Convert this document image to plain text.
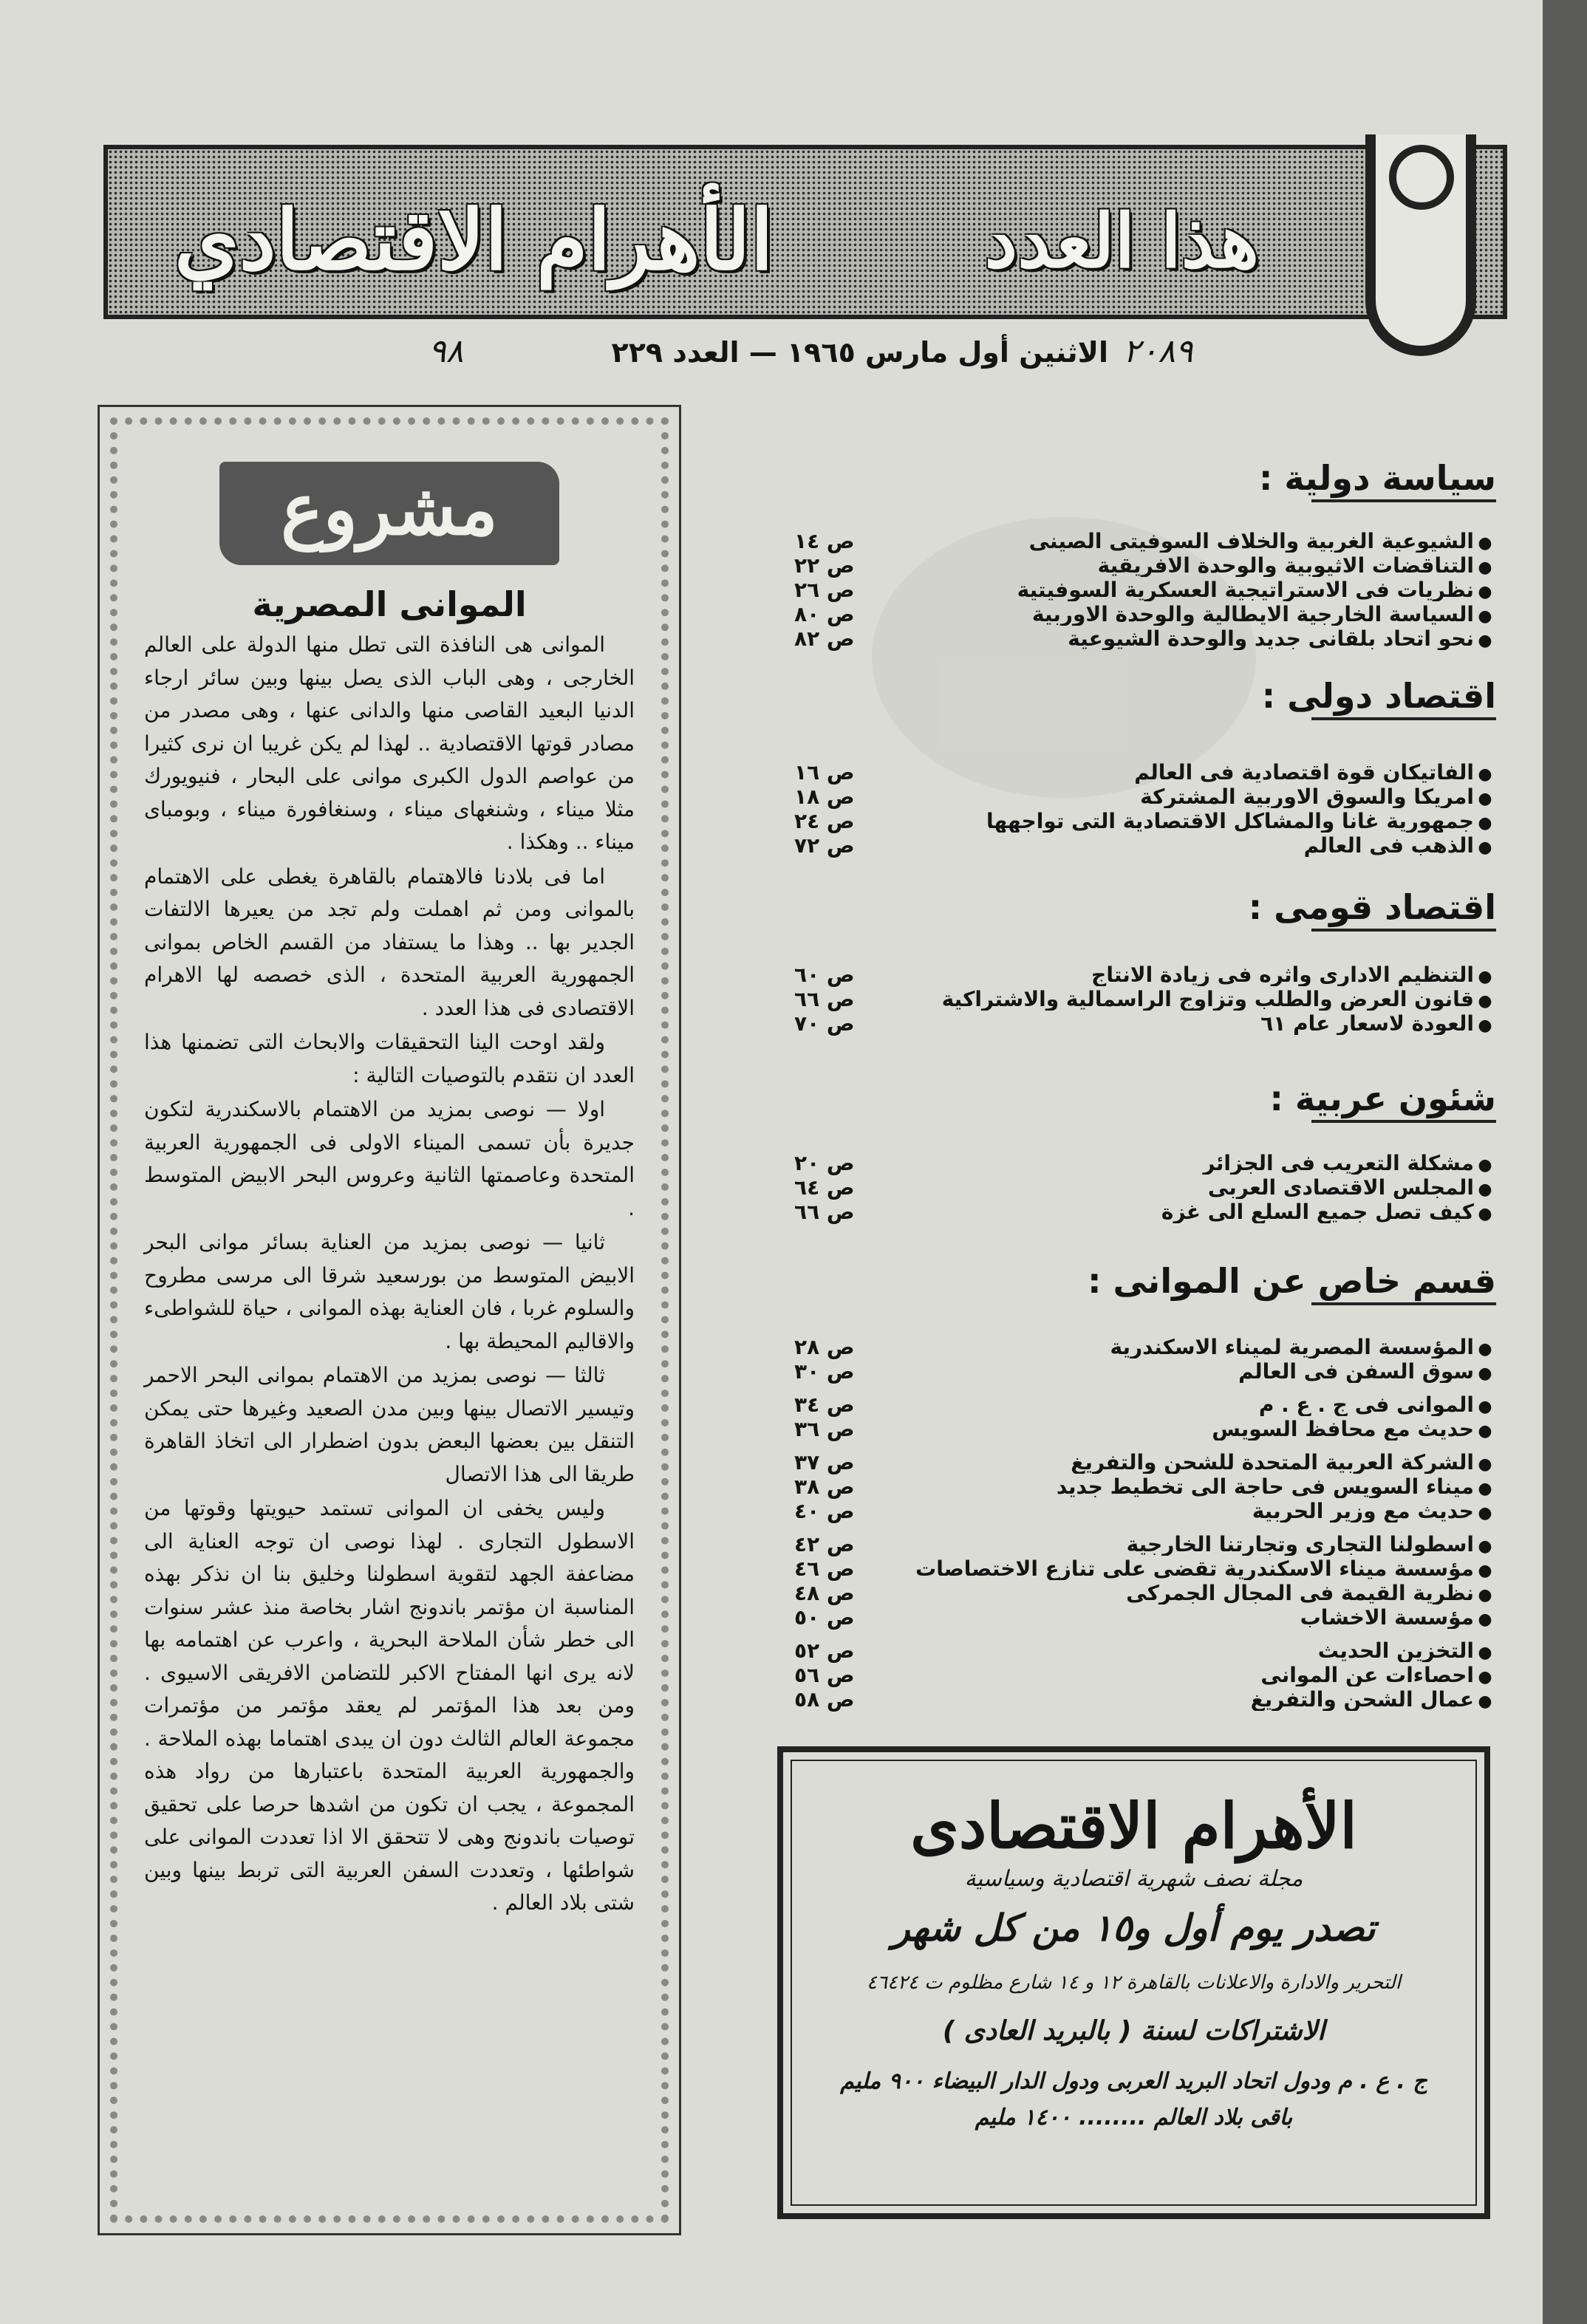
الأهرام الاقتصادي	هذا العدد
٢٠٨٩
الاثنين أول مارس ١٩٦٥ — العدد ٢٢٩
٩٨
مشروع
الموانى المصرية

الموانى هى النافذة التى تطل منها الدولة على العالم الخارجى ، وهى الباب الذى يصل بينها وبين سائر ارجاء الدنيا البعيد القاصى منها والدانى عنها ، وهى مصدر من مصادر قوتها الاقتصادية .. لهذا لم يكن غريبا ان نرى كثيرا من عواصم الدول الكبرى موانى على البحار ، فنيويورك مثلا ميناء ، وشنغهاى ميناء ، وسنغافورة ميناء ، وبومباى ميناء .. وهكذا .

اما فى بلادنا فالاهتمام بالقاهرة يغطى على الاهتمام بالموانى ومن ثم اهملت ولم تجد من يعيرها الالتفات الجدير بها .. وهذا ما يستفاد من القسم الخاص بموانى الجمهورية العربية المتحدة ، الذى خصصه لها الاهرام الاقتصادى فى هذا العدد .

ولقد اوحت الينا التحقيقات والابحاث التى تضمنها هذا العدد ان نتقدم بالتوصيات التالية :

اولا — نوصى بمزيد من الاهتمام بالاسكندرية لتكون جديرة بأن تسمى الميناء الاولى فى الجمهورية العربية المتحدة وعاصمتها الثانية وعروس البحر الابيض المتوسط .

ثانيا — نوصى بمزيد من العناية بسائر موانى البحر الابيض المتوسط من بورسعيد شرقا الى مرسى مطروح والسلوم غربا ، فان العناية بهذه الموانى ، حياة للشواطىء والاقاليم المحيطة بها .

ثالثا — نوصى بمزيد من الاهتمام بموانى البحر الاحمر وتيسير الاتصال بينها وبين مدن الصعيد وغيرها حتى يمكن التنقل بين بعضها البعض بدون اضطرار الى اتخاذ القاهرة طريقا الى هذا الاتصال

وليس يخفى ان الموانى تستمد حيويتها وقوتها من الاسطول التجارى . لهذا نوصى ان توجه العناية الى مضاعفة الجهد لتقوية اسطولنا وخليق بنا ان نذكر بهذه المناسبة ان مؤتمر باندونج اشار بخاصة منذ عشر سنوات الى خطر شأن الملاحة البحرية ، واعرب عن اهتمامه بها لانه يرى انها المفتاح الاكبر للتضامن الافريقى الاسيوى . ومن بعد هذا المؤتمر لم يعقد مؤتمر من مؤتمرات مجموعة العالم الثالث دون ان يبدى اهتماما بهذه الملاحة . والجمهورية العربية المتحدة باعتبارها من رواد هذه المجموعة ، يجب ان تكون من اشدها حرصا على تحقيق توصيات باندونج وهى لا تتحقق الا اذا تعددت الموانى على شواطئها ، وتعددت السفن العربية التى تربط بينها وبين شتى بلاد العالم .

سياسة دولية :
●
الشيوعية الغربية والخلاف السوفيتى الصينى
ص ١٤
●
التناقضات الاثيوبية والوحدة الافريقية
ص ٢٢
●
نظريات فى الاستراتيجية العسكرية السوفيتية
ص ٢٦
●
السياسة الخارجية الايطالية والوحدة الاوربية
ص ٨٠
●
نحو اتحاد بلقانى جديد والوحدة الشيوعية
ص ٨٢
اقتصاد دولى :
●
الفاتيكان قوة اقتصادية فى العالم
ص ١٦
●
امريكا والسوق الاوربية المشتركة
ص ١٨
●
جمهورية غانا والمشاكل الاقتصادية التى تواجهها
ص ٢٤
●
الذهب فى العالم
ص ٧٢
اقتصاد قومى :
●
التنظيم الادارى واثره فى زيادة الانتاج
ص ٦٠
●
قانون العرض والطلب وتزاوج الراسمالية والاشتراكية
ص ٦٦
●
العودة لاسعار عام ٦١
ص ٧٠
شئون عربية :
●
مشكلة التعريب فى الجزائر
ص ٢٠
●
المجلس الاقتصادى العربى
ص ٦٤
●
كيف تصل جميع السلع الى غزة
ص ٦٦
قسم خاص عن الموانى :
●
المؤسسة المصرية لميناء الاسكندرية
ص ٢٨
●
سوق السفن فى العالم
ص ٣٠
●
الموانى فى ج . ع . م
ص ٣٤
●
حديث مع محافظ السويس
ص ٣٦
●
الشركة العربية المتحدة للشحن والتفريغ
ص ٣٧
●
ميناء السويس فى حاجة الى تخطيط جديد
ص ٣٨
●
حديث مع وزير الحربية
ص ٤٠
●
اسطولنا التجارى وتجارتنا الخارجية
ص ٤٢
●
مؤسسة ميناء الاسكندرية تقضى على تنازع الاختصاصات
ص ٤٦
●
نظرية القيمة فى المجال الجمركى
ص ٤٨
●
مؤسسة الاخشاب
ص ٥٠
●
التخزين الحديث
ص ٥٢
●
احصاءات عن الموانى
ص ٥٦
●
عمال الشحن والتفريغ
ص ٥٨
الأهرام الاقتصادى
مجلة نصف شهرية اقتصادية وسياسية
تصدر يوم أول و١٥ من كل شهر
التحرير والادارة والاعلانات بالقاهرة ١٢ و ١٤ شارع مظلوم ت ٤٦٤٢٤
الاشتراكات لسنة ( بالبريد العادى )
ج . ع . م ودول اتحاد البريد العربى ودول الدار البيضاء ٩٠٠ مليم
باقى بلاد العالم ........ ١٤٠٠ مليم
